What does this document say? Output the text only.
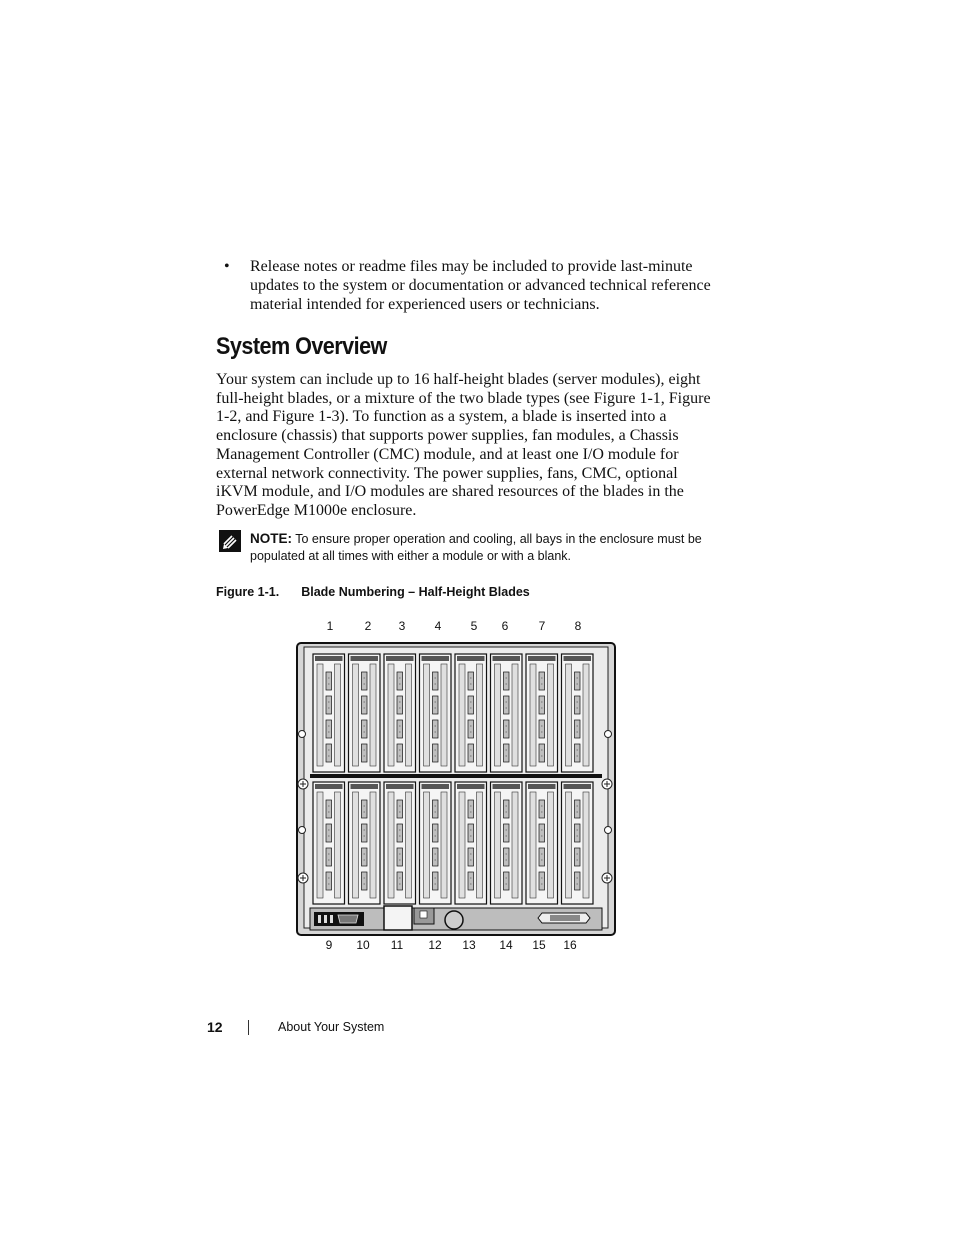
• Release notes or readme files may be included to provide last-minute updates to the system or documentation or advanced technical reference material intended for experienced users or technicians.
System Overview

Your system can include up to 16 half-height blades (server modules), eight full-height blades, or a mixture of the two blade types (see Figure 1-1, Figure 1-2, and Figure 1-3). To function as a system, a blade is inserted into a enclosure (chassis) that supports power supplies, fan modules, a Chassis Management Controller (CMC) module, and at least one I/O module for external network connectivity. The power supplies, fans, CMC, optional iKVM module, and I/O modules are shared resources of the blades in the PowerEdge M1000e enclosure.

NOTE: To ensure proper operation and cooling, all bays in the enclosure must be populated at all times with either a module or with a blank.
Figure 1-1. Blade Numbering – Half-Height Blades
1	2 3 4 5 6	7 8
9 10 11 12 13 14 15 16
12	About Your System
